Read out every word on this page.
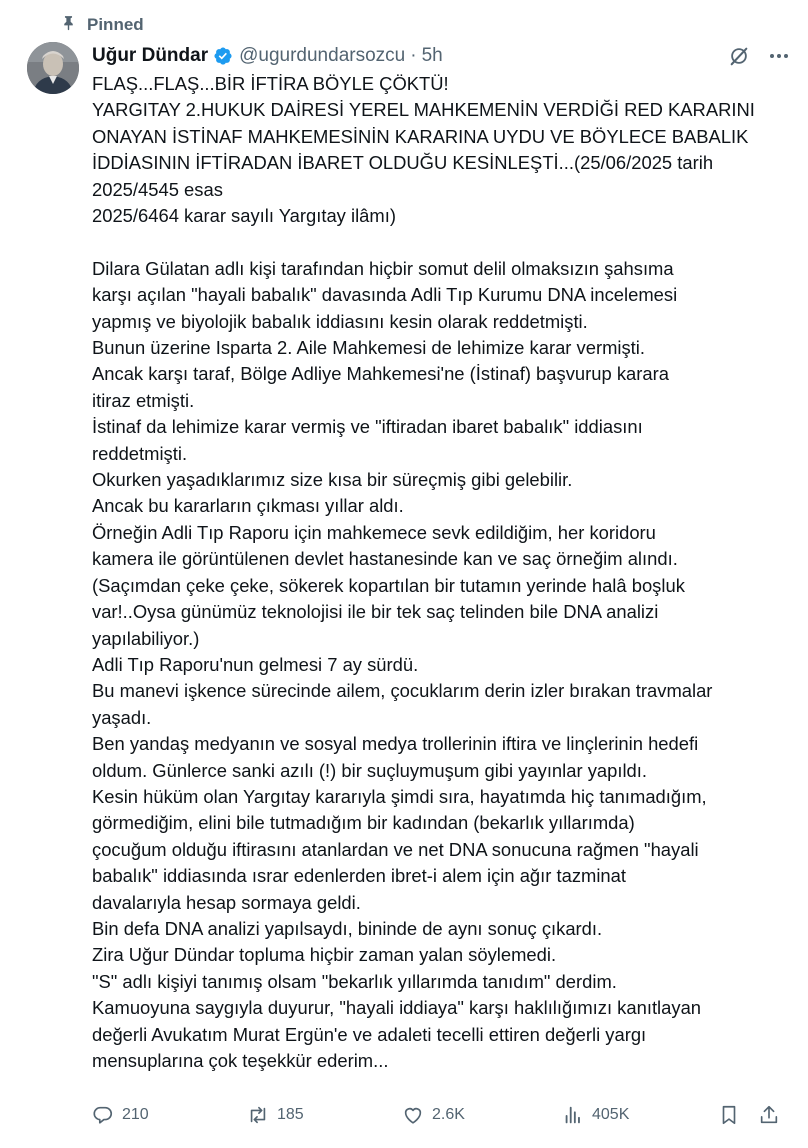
Pinned
Uğur Dündar @ugurdundarsozcu · 5h

FLAŞ...FLAŞ...BİR İFTİRA BÖYLE ÇÖKTÜ!

YARGITAY 2.HUKUK DAİRESİ YEREL MAHKEMENİN VERDİĞİ RED KARARINI

ONAYAN İSTİNAF MAHKEMESİNİN KARARINA UYDU VE BÖYLECE BABALIK

İDDİASININ İFTİRADAN İBARET OLDUĞU KESİNLEŞTİ...(25/06/2025 tarih

2025/4545 esas

2025/6464 karar sayılı Yargıtay ilâmı)

Dilara Gülatan adlı kişi tarafından hiçbir somut delil olmaksızın şahsıma

karşı açılan "hayali babalık" davasında Adli Tıp Kurumu DNA incelemesi

yapmış ve biyolojik babalık iddiasını kesin olarak reddetmişti.

Bunun üzerine Isparta 2. Aile Mahkemesi de lehimize karar vermişti.

Ancak karşı taraf, Bölge Adliye Mahkemesi'ne (İstinaf) başvurup karara

itiraz etmişti.

İstinaf da lehimize karar vermiş ve "iftiradan ibaret babalık" iddiasını

reddetmişti.

Okurken yaşadıklarımız size kısa bir süreçmiş gibi gelebilir.

Ancak bu kararların çıkması yıllar aldı.

Örneğin Adli Tıp Raporu için mahkemece sevk edildiğim, her koridoru

kamera ile görüntülenen devlet hastanesinde kan ve saç örneğim alındı.

(Saçımdan çeke çeke, sökerek kopartılan bir tutamın yerinde halâ boşluk

var!..Oysa günümüz teknolojisi ile bir tek saç telinden bile DNA analizi

yapılabiliyor.)

Adli Tıp Raporu'nun gelmesi 7 ay sürdü.

Bu manevi işkence sürecinde ailem, çocuklarım derin izler bırakan travmalar

yaşadı.

Ben yandaş medyanın ve sosyal medya trollerinin iftira ve linçlerinin hedefi

oldum. Günlerce sanki azılı (!) bir suçluymuşum gibi yayınlar yapıldı.

Kesin hüküm olan Yargıtay kararıyla şimdi sıra, hayatımda hiç tanımadığım,

görmediğim, elini bile tutmadığım bir kadından (bekarlık yıllarımda)

çocuğum olduğu iftirasını atanlardan ve net DNA sonucuna rağmen "hayali

babalık" iddiasında ısrar edenlerden ibret-i alem için ağır tazminat

davalarıyla hesap sormaya geldi.

Bin defa DNA analizi yapılsaydı, bininde de aynı sonuç çıkardı.

Zira Uğur Dündar topluma hiçbir zaman yalan söylemedi.

"S" adlı kişiyi tanımış olsam "bekarlık yıllarımda tanıdım" derdim.

Kamuoyuna saygıyla duyurur, "hayali iddiaya" karşı haklılığımızı kanıtlayan

değerli Avukatım Murat Ergün'e ve adaleti tecelli ettiren değerli yargı

mensuplarına çok teşekkür ederim...

210	185	2.6K	405K
